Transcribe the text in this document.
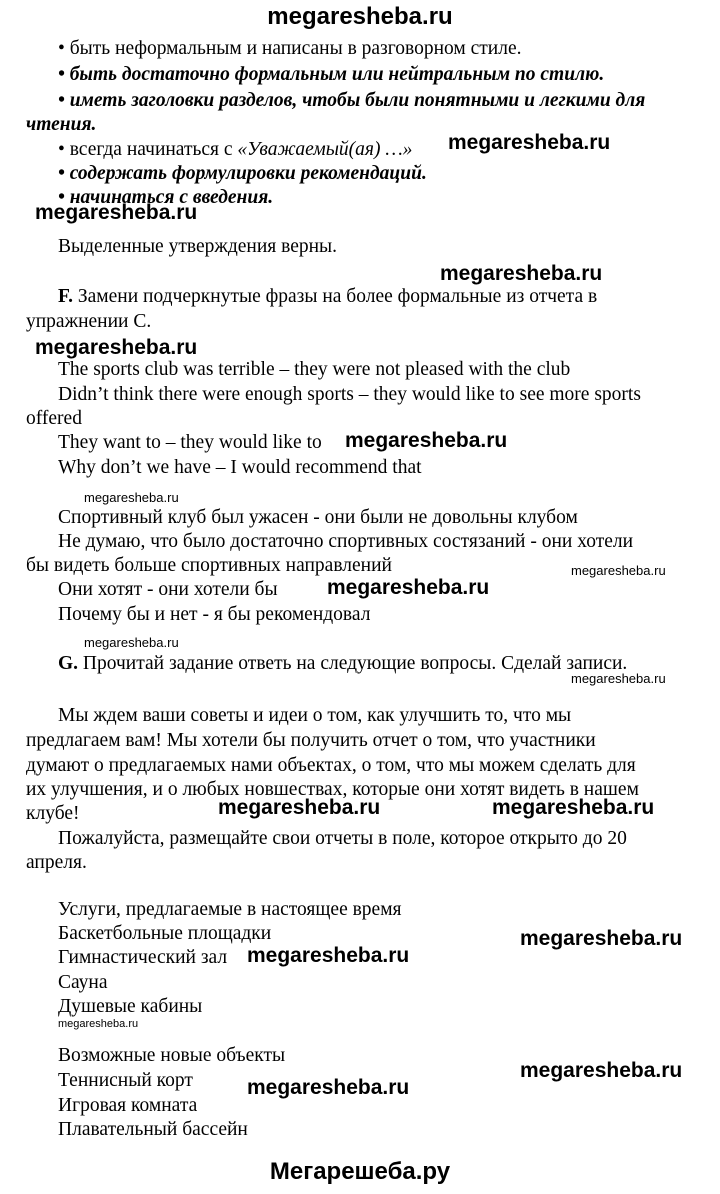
megaresheba.ru
• быть неформальным и написаны в разговорном стиле.
• быть достаточно формальным или нейтральным по стилю.
• иметь заголовки разделов, чтобы были понятными и легкими для
чтения.
• всегда начинаться с «Уважаемый(ая) …»
• содержать формулировки рекомендаций.
• начинаться с введения.
Выделенные утверждения верны.
F. Замени подчеркнутые фразы на более формальные из отчета в
упражнении С.
The sports club was terrible – they were not pleased with the club
Didn’t think there were enough sports – they would like to see more sports
offered
They want to – they would like to
Why don’t we have – I would recommend that
Спортивный клуб был ужасен - они были не довольны клубом
Не думаю, что было достаточно спортивных состязаний - они хотели
бы видеть больше спортивных направлений
Они хотят - они хотели бы
Почему бы и нет - я бы рекомендовал
G. Прочитай задание ответь на следующие вопросы. Сделай записи.
Мы ждем ваши советы и идеи о том, как улучшить то, что мы
предлагаем вам! Мы хотели бы получить отчет о том, что участники
думают о предлагаемых нами объектах, о том, что мы можем сделать для
их улучшения, и о любых новшествах, которые они хотят видеть в нашем
клубе!
Пожалуйста, размещайте свои отчеты в поле, которое открыто до 20
апреля.
Услуги, предлагаемые в настоящее время
Баскетбольные площадки
Гимнастический зал
Сауна
Душевые кабины
Возможные новые объекты
Теннисный корт
Игровая комната
Плавательный бассейн
megaresheba.ru
megaresheba.ru
megaresheba.ru
megaresheba.ru
megaresheba.ru
megaresheba.ru
megaresheba.ru
megaresheba.ru
megaresheba.ru
megaresheba.ru
megaresheba.ru	megaresheba.ru
megaresheba.ru
megaresheba.ru
megaresheba.ru
megaresheba.ru
megaresheba.ru
Мегарешеба.ру
